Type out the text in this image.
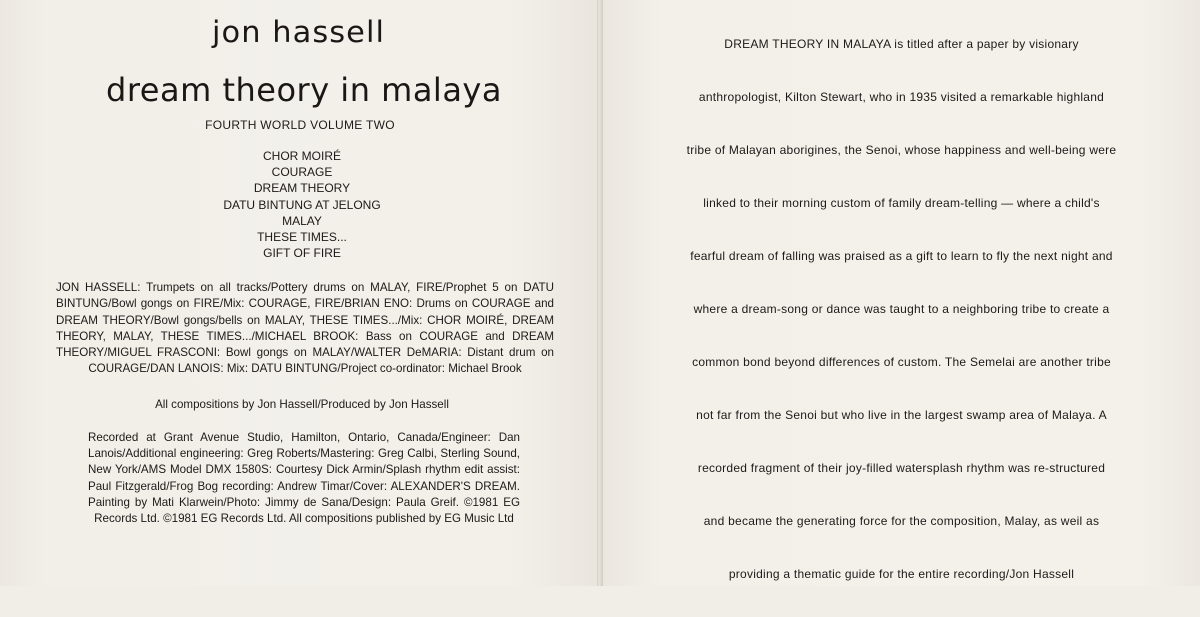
jon hassell
dream theory in malaya
FOURTH WORLD VOLUME TWO
CHOR MOIRÉ
COURAGE
DREAM THEORY
DATU BINTUNG AT JELONG
MALAY
THESE TIMES...
GIFT OF FIRE
JON HASSELL: Trumpets on all tracks/Pottery drums on MALAY, FIRE/Prophet 5 on DATU BINTUNG/Bowl gongs on FIRE/Mix: COURAGE, FIRE/BRIAN ENO: Drums on COURAGE and DREAM THEORY/Bowl gongs/bells on MALAY, THESE TIMES.../Mix: CHOR MOIRÉ, DREAM THEORY, MALAY, THESE TIMES.../MICHAEL BROOK: Bass on COURAGE and DREAM THEORY/MIGUEL FRASCONI: Bowl gongs on MALAY/WALTER DeMARIA: Distant drum on COURAGE/DAN LANOIS: Mix: DATU BINTUNG/Project co-ordinator: Michael Brook
All compositions by Jon Hassell/Produced by Jon Hassell
Recorded at Grant Avenue Studio, Hamilton, Ontario, Canada/Engineer: Dan Lanois/Additional engineering: Greg Roberts/Mastering: Greg Calbi, Sterling Sound, New York/AMS Model DMX 1580S: Courtesy Dick Armin/Splash rhythm edit assist: Paul Fitzgerald/Frog Bog recording: Andrew Timar/Cover: ALEXANDER'S DREAM. Painting by Mati Klarwein/Photo: Jimmy de Sana/Design: Paula Greif. ©1981 EG Records Ltd. ©1981 EG Records Ltd. All compositions published by EG Music Ltd
DREAM THEORY IN MALAYA is titled after a paper by visionary
anthropologist, Kilton Stewart, who in 1935 visited a remarkable highland
tribe of Malayan aborigines, the Senoi, whose happiness and well-being were
linked to their morning custom of family dream-telling — where a child's
fearful dream of falling was praised as a gift to learn to fly the next night and
where a dream-song or dance was taught to a neighboring tribe to create a
common bond beyond differences of custom. The Semelai are another tribe
not far from the Senoi but who live in the largest swamp area of Malaya. A
recorded fragment of their joy-filled watersplash rhythm was re-structured
and became the generating force for the composition, Malay, as weil as
providing a thematic guide for the entire recording/Jon Hassell
